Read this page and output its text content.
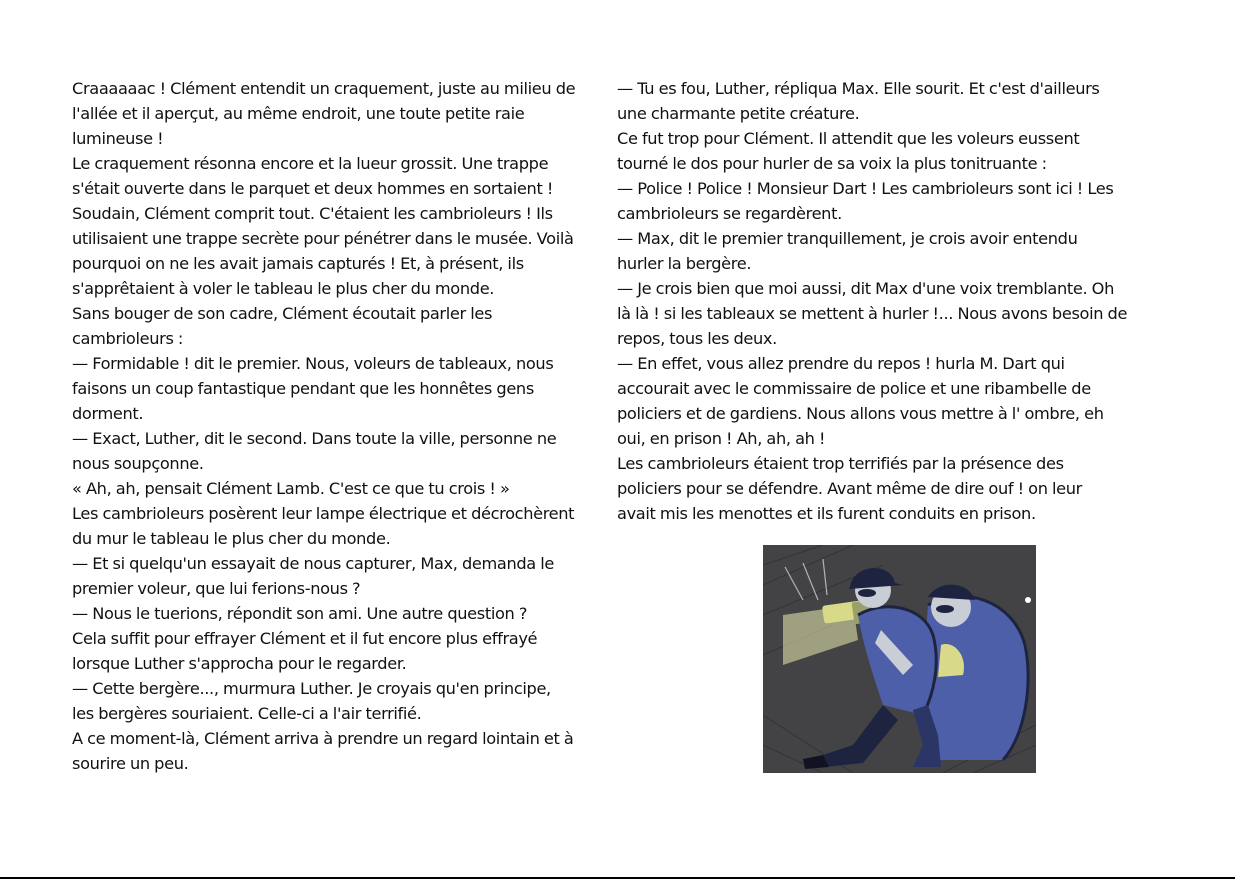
Craaaaaac ! Clément entendit un craquement, juste au milieu de
l'allée et il aperçut, au même endroit, une toute petite raie
lumineuse !
Le craquement résonna encore et la lueur grossit. Une trappe
s'était ouverte dans le parquet et deux hommes en sortaient !
Soudain, Clément comprit tout. C'étaient les cambrioleurs ! Ils
utilisaient une trappe secrète pour pénétrer dans le musée. Voilà
pourquoi on ne les avait jamais capturés ! Et, à présent, ils
s'apprêtaient à voler le tableau le plus cher du monde.
Sans bouger de son cadre, Clément écoutait parler les
cambrioleurs :
— Formidable ! dit le premier. Nous, voleurs de tableaux, nous
faisons un coup fantastique pendant que les honnêtes gens
dorment.
— Exact, Luther, dit le second. Dans toute la ville, personne ne
nous soupçonne.
« Ah, ah, pensait Clément Lamb. C'est ce que tu crois ! »
Les cambrioleurs posèrent leur lampe électrique et décrochèrent
du mur le tableau le plus cher du monde.
— Et si quelqu'un essayait de nous capturer, Max, demanda le
premier voleur, que lui ferions-nous ?
— Nous le tuerions, répondit son ami. Une autre question ?
Cela suffit pour effrayer Clément et il fut encore plus effrayé
lorsque Luther s'approcha pour le regarder.
— Cette bergère..., murmura Luther. Je croyais qu'en principe,
les bergères souriaient. Celle-ci a l'air terrifié.
A ce moment-là, Clément arriva à prendre un regard lointain et à
sourire un peu.
— Tu es fou, Luther, répliqua Max. Elle sourit. Et c'est d'ailleurs
une charmante petite créature.
Ce fut trop pour Clément. Il attendit que les voleurs eussent
tourné le dos pour hurler de sa voix la plus tonitruante :
— Police ! Police ! Monsieur Dart ! Les cambrioleurs sont ici ! Les
cambrioleurs se regardèrent.
— Max, dit le premier tranquillement, je crois avoir entendu
hurler la bergère.
— Je crois bien que moi aussi, dit Max d'une voix tremblante. Oh
là là ! si les tableaux se mettent à hurler !... Nous avons besoin de
repos, tous les deux.
— En effet, vous allez prendre du repos ! hurla M. Dart qui
accourait avec le commissaire de police et une ribambelle de
policiers et de gardiens. Nous allons vous mettre à l' ombre, eh
oui, en prison ! Ah, ah, ah !
Les cambrioleurs étaient trop terrifiés par la présence des
policiers pour se défendre. Avant même de dire ouf ! on leur
avait mis les menottes et ils furent conduits en prison.
